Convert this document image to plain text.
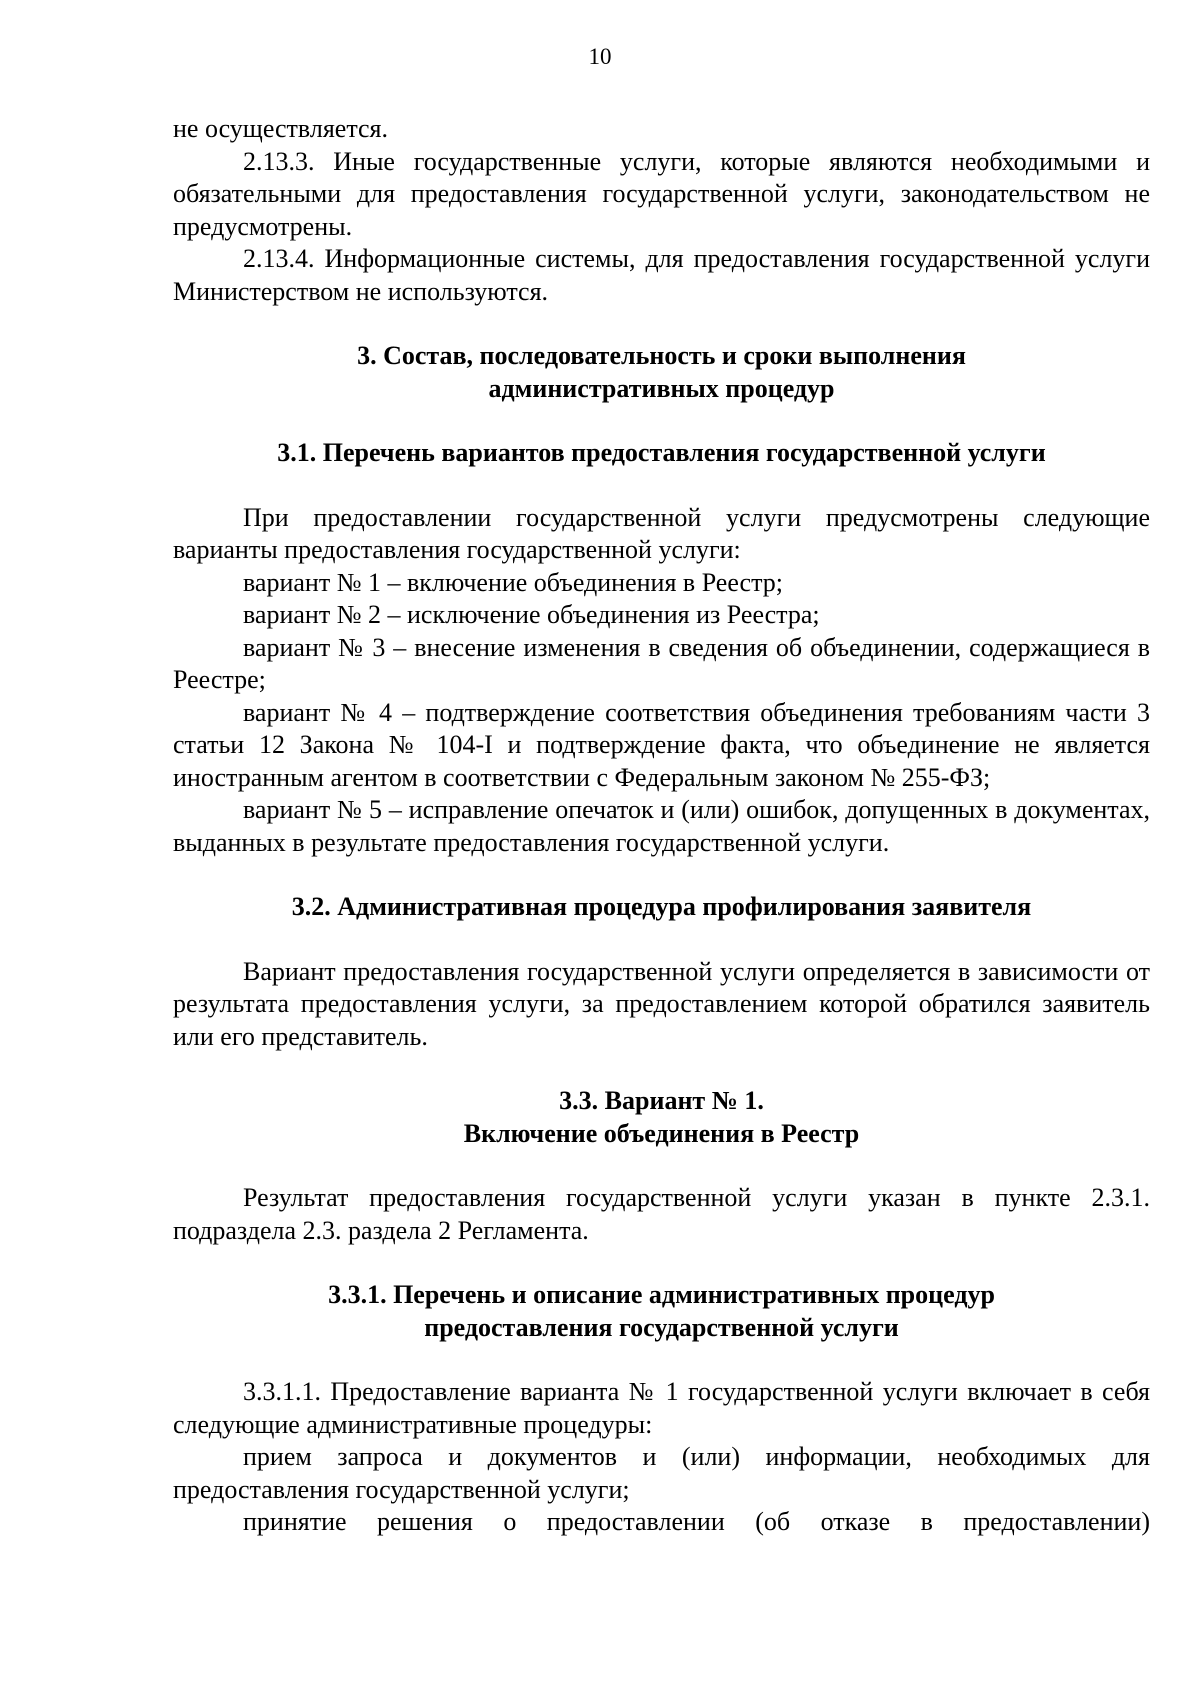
10

не осуществляется.

2.13.3. Иные государственные услуги, которые являются необходимыми и обязательными для предоставления государственной услуги, законодательством не предусмотрены.

2.13.4. Информационные системы, для предоставления государственной услуги Министерством не используются.

3. Состав, последовательность и сроки выполнения

административных процедур

3.1. Перечень вариантов предоставления государственной услуги

При предоставлении государственной услуги предусмотрены следующие варианты предоставления государственной услуги:

вариант № 1 – включение объединения в Реестр;

вариант № 2 – исключение объединения из Реестра;

вариант № 3 – внесение изменения в сведения об объединении, содержащиеся в Реестре;

вариант № 4 – подтверждение соответствия объединения требованиям части 3 статьи 12 Закона № 104-I и подтверждение факта, что объединение не является иностранным агентом в соответствии с Федеральным законом № 255-ФЗ;

вариант № 5 – исправление опечаток и (или) ошибок, допущенных в документах, выданных в результате предоставления государственной услуги.

3.2. Административная процедура профилирования заявителя

Вариант предоставления государственной услуги определяется в зависимости от результата предоставления услуги, за предоставлением которой обратился заявитель или его представитель.

3.3. Вариант № 1.

Включение объединения в Реестр

Результат предоставления государственной услуги указан в пункте 2.3.1. подраздела 2.3. раздела 2 Регламента.

3.3.1. Перечень и описание административных процедур

предоставления государственной услуги

3.3.1.1. Предоставление варианта № 1 государственной услуги включает в себя следующие административные процедуры:

прием запроса и документов и (или) информации, необходимых для предоставления государственной услуги;

принятие решения о предоставлении (об отказе в предоставлении)
